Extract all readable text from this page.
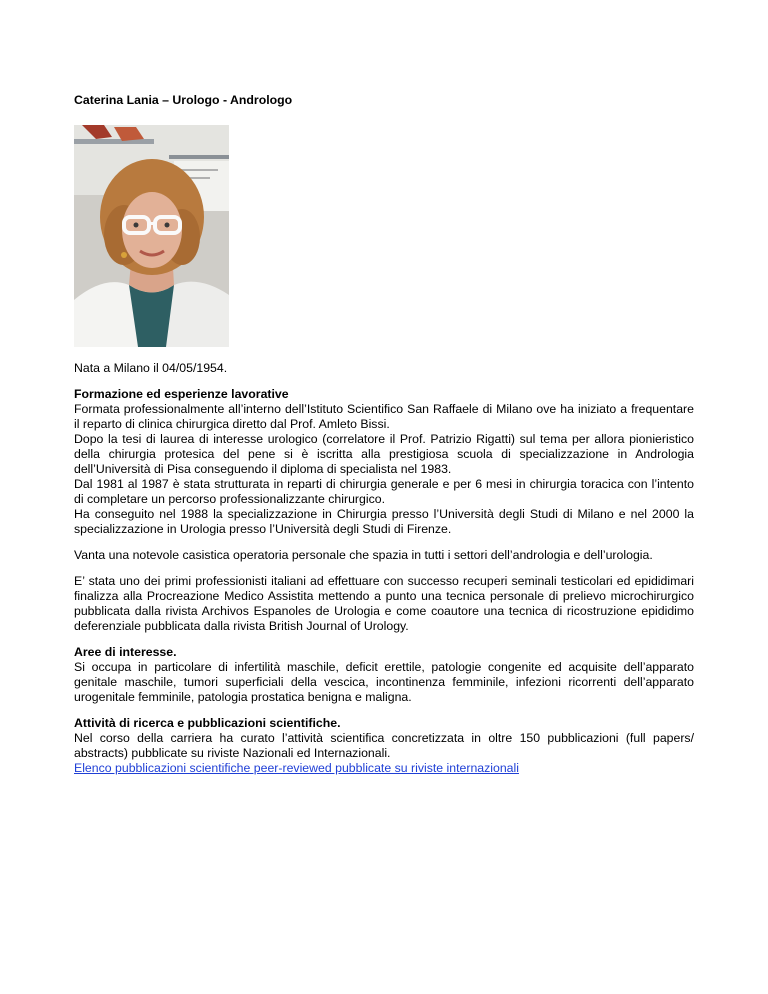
Caterina Lania – Urologo - Andrologo

Nata a Milano il 04/05/1954.

Formazione ed esperienze lavorative

Formata professionalmente all’interno dell’Istituto Scientifico San Raffaele di Milano ove ha iniziato a frequentare il reparto di clinica chirurgica diretto dal Prof. Amleto Bissi.

Dopo la tesi di laurea di interesse urologico (correlatore il Prof. Patrizio Rigatti) sul tema per allora pionieristico della chirurgia protesica del pene si è iscritta alla prestigiosa scuola di specializzazione in Andrologia dell’Università di Pisa conseguendo il diploma di specialista nel 1983.

Dal 1981 al 1987 è stata strutturata in reparti di chirurgia generale e per 6 mesi in chirurgia toracica con l’intento di completare un percorso professionalizzante chirurgico.

Ha conseguito nel 1988 la specializzazione in Chirurgia presso l’Università degli Studi di Milano e nel 2000 la specializzazione in Urologia presso l’Università degli Studi di Firenze.

Vanta una notevole casistica operatoria personale che spazia in tutti i settori dell’andrologia e dell’urologia.

E’ stata uno dei primi professionisti italiani ad effettuare con successo recuperi seminali testicolari ed epididimari finalizza alla Procreazione Medico Assistita mettendo a punto una tecnica personale di prelievo microchirurgico pubblicata dalla rivista Archivos Espanoles de Urologia e come coautore una tecnica di ricostruzione epididimo deferenziale pubblicata dalla rivista British Journal of Urology.

Aree di interesse.

Si occupa in particolare di infertilità maschile, deficit erettile, patologie congenite ed acquisite dell’apparato genitale maschile, tumori superficiali della vescica, incontinenza femminile, infezioni ricorrenti dell’apparato urogenitale femminile, patologia prostatica benigna e maligna.

Attività di ricerca e pubblicazioni scientifiche.

Nel corso della carriera ha curato l’attività scientifica concretizzata in oltre 150 pubblicazioni (full papers/ abstracts) pubblicate su riviste Nazionali ed Internazionali.

Elenco pubblicazioni scientifiche peer-reviewed pubblicate su riviste internazionali
